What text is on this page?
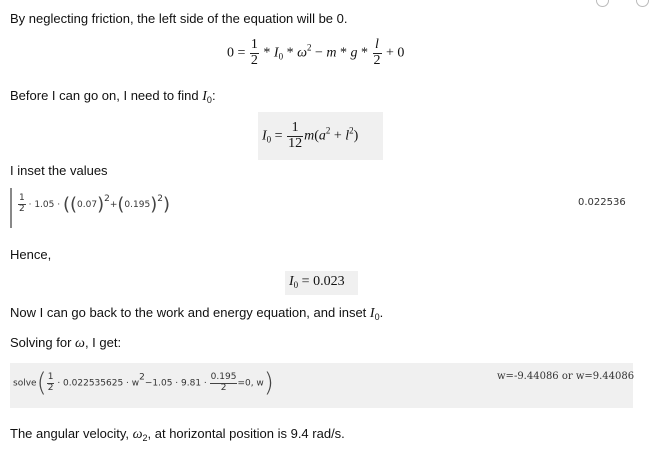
By neglecting friction, the left side of the equation will be 0.
$0 = \frac{1}{2} * I_0 * \omega^2 - m * g * \frac{l}{2} + 0$
Before I can go on, I need to find $I_0$:
$I_0 = \frac{1}{12} m(a^2 + l^2)$
I inset the values
$\frac{1}{2} \cdot 1.05 \cdot ((0.07)^2+(0.195)^2)$	0.022536
Hence,
$I_0 = 0.023$
Now I can go back to the work and energy equation, and inset $I_0$.
Solving for ω, I get:
solve( $\frac{1}{2} \cdot 0.022535625 \cdot w^2-1.05 \cdot 9.81 \cdot \frac{0.195}{2} =0$, w)	w=-9.44086 or w=9.44086
The angular velocity, $\omega_2$, at horizontal position is 9.4 rad/s.
